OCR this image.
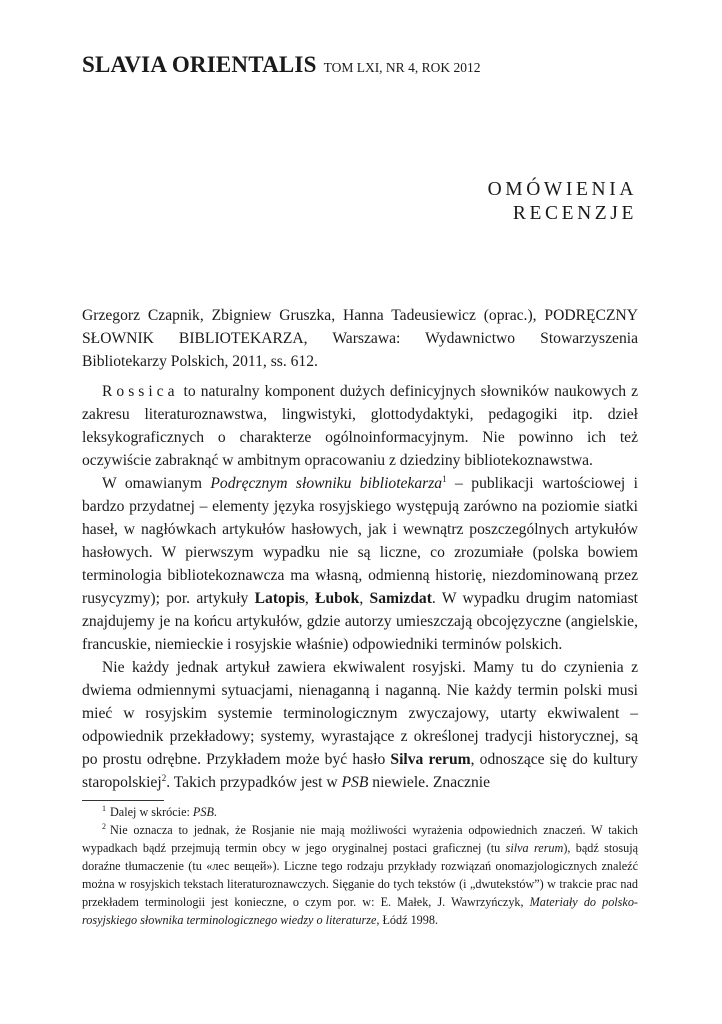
SLAVIA ORIENTALIS TOM LXI, NR 4, ROK 2012
OMÓWIENIA
RECENZJE
Grzegorz Czapnik, Zbigniew Gruszka, Hanna Tadeusiewicz (oprac.), PODRĘCZNY SŁOWNIK BIBLIOTEKARZA, Warszawa: Wydawnictwo Stowarzyszenia Bibliotekarzy Polskich, 2011, ss. 612.

Rossica to naturalny komponent dużych definicyjnych słowników naukowych z zakresu literaturoznawstwa, lingwistyki, glottodydaktyki, pedagogiki itp. dzieł leksykograficznych o charakterze ogólnoinformacyjnym. Nie powinno ich też oczywiście zabraknąć w ambitnym opracowaniu z dziedziny bibliotekoznawstwa.

W omawianym Podręcznym słowniku bibliotekarza$^1$ – publikacji wartościowej i bardzo przydatnej – elementy języka rosyjskiego występują zarówno na poziomie siatki haseł, w nagłówkach artykułów hasłowych, jak i wewnątrz poszczególnych artykułów hasłowych. W pierwszym wypadku nie są liczne, co zrozumiałe (polska bowiem terminologia bibliotekoznawcza ma własną, odmienną historię, niezdominowaną przez rusycyzmy); por. artykuły Latopis, Łubok, Samizdat. W wypadku drugim natomiast znajdujemy je na końcu artykułów, gdzie autorzy umieszczają obcojęzyczne (angielskie, francuskie, niemieckie i rosyjskie właśnie) odpowiedniki terminów polskich.

Nie każdy jednak artykuł zawiera ekwiwalent rosyjski. Mamy tu do czynienia z dwiema odmiennymi sytuacjami, nienaganną i naganną. Nie każdy termin polski musi mieć w rosyjskim systemie terminologicznym zwyczajowy, utarty ekwiwalent – odpowiednik przekładowy; systemy, wyrastające z określonej tradycji historycznej, są po prostu odrębne. Przykładem może być hasło Silva rerum, odnoszące się do kultury staropolskiej$^2$. Takich przypadków jest w PSB niewiele. Znacznie

$^1$ Dalej w skrócie: PSB.

$^2$ Nie oznacza to jednak, że Rosjanie nie mają możliwości wyrażenia odpowiednich znaczeń. W takich wypadkach bądź przejmują termin obcy w jego oryginalnej postaci graficznej (tu silva rerum), bądź stosują doraźne tłumaczenie (tu «лес вещей»). Liczne tego rodzaju przykłady rozwiązań onomazjologicznych znaleźć można w rosyjskich tekstach literaturoznawczych. Sięganie do tych tekstów (i „dwutekstów”) w trakcie prac nad przekładem terminologii jest konieczne, o czym por. w: E. Małek, J. Wawrzyńczyk, Materiały do polsko-rosyjskiego słownika terminologicznego wiedzy o literaturze, Łódź 1998.
